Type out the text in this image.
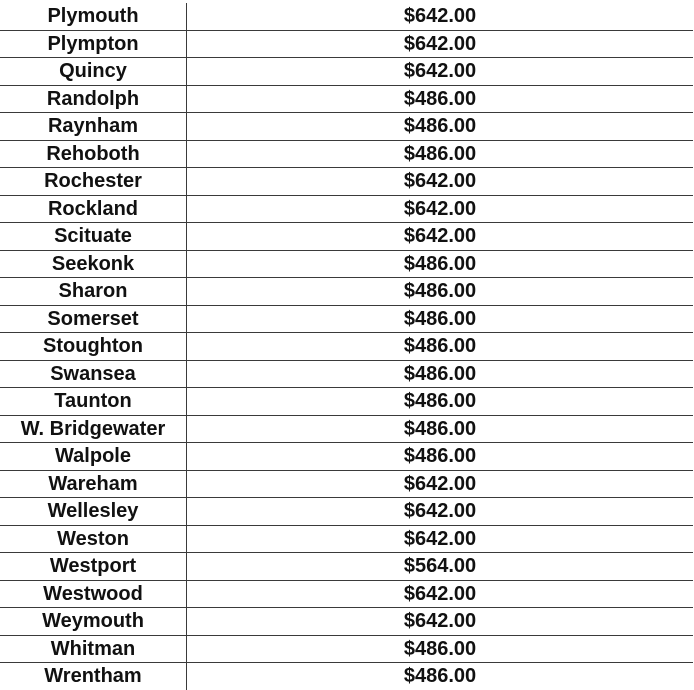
Plymouth	$642.00
Plympton	$642.00
Quincy	$642.00
Randolph	$486.00
Raynham	$486.00
Rehoboth	$486.00
Rochester	$642.00
Rockland	$642.00
Scituate	$642.00
Seekonk	$486.00
Sharon	$486.00
Somerset	$486.00
Stoughton	$486.00
Swansea	$486.00
Taunton	$486.00
W. Bridgewater	$486.00
Walpole	$486.00
Wareham	$642.00
Wellesley	$642.00
Weston	$642.00
Westport	$564.00
Westwood	$642.00
Weymouth	$642.00
Whitman	$486.00
Wrentham	$486.00
